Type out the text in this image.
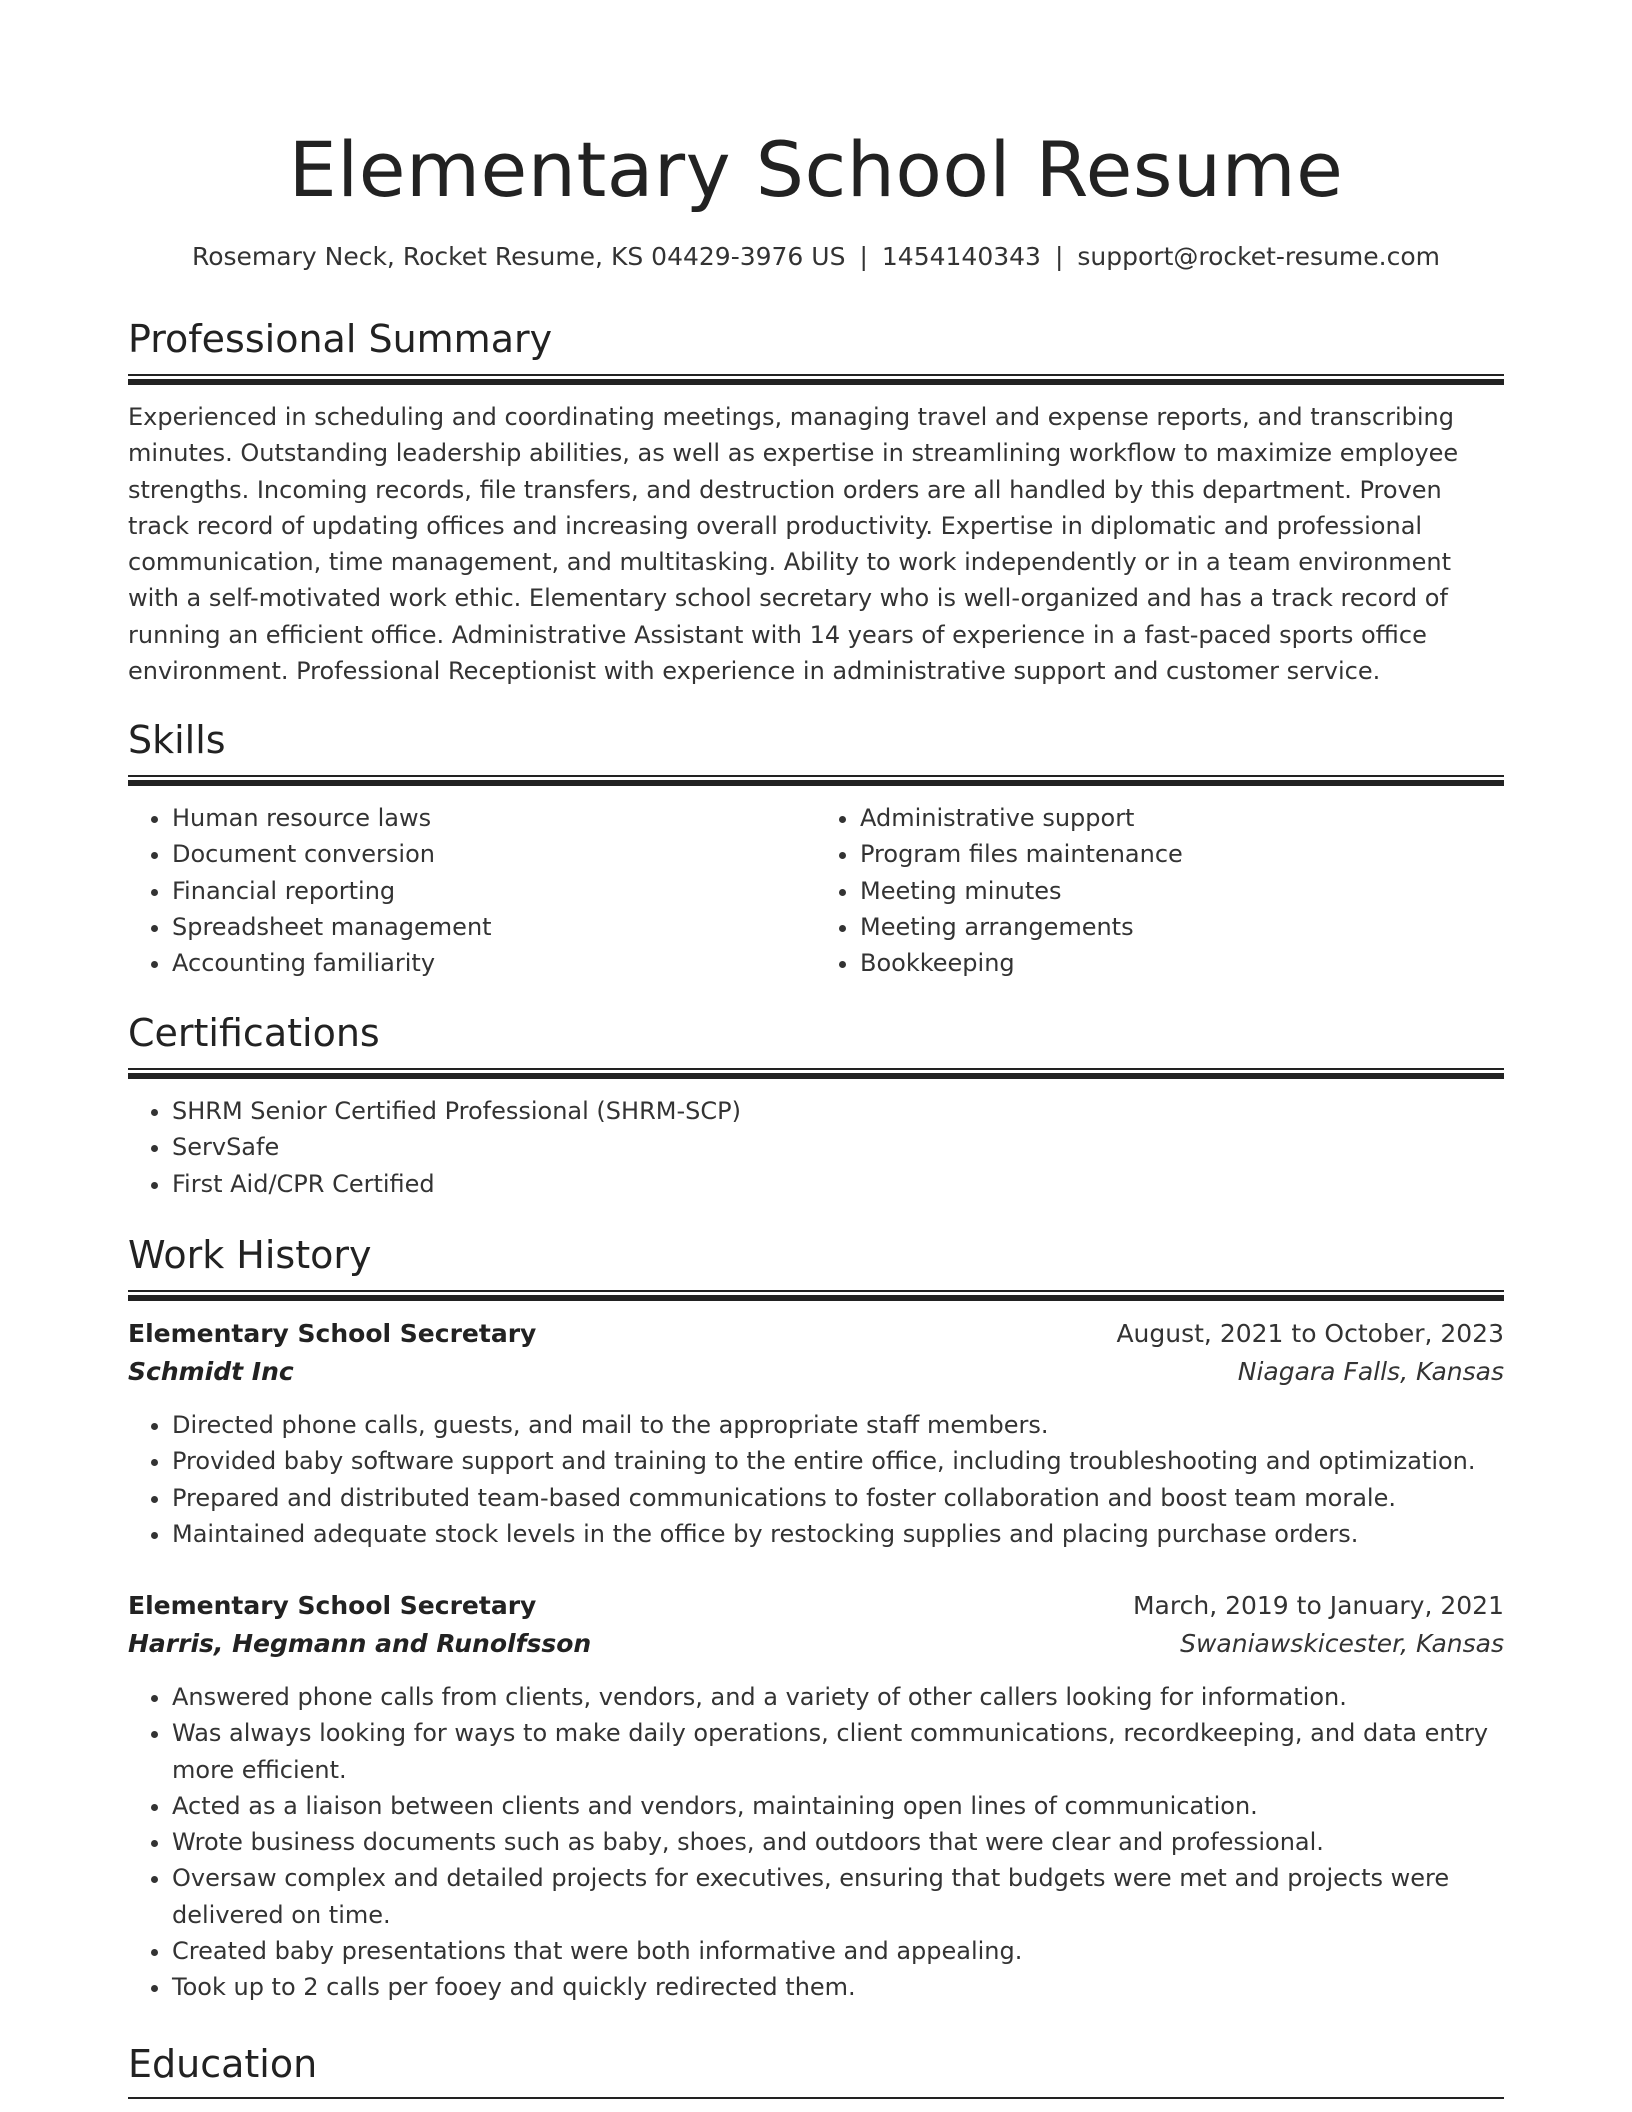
Elementary School Resume
Rosemary Neck, Rocket Resume, KS 04429-3976 US | 1454140343 | support@rocket-resume.com
Professional Summary

Experienced in scheduling and coordinating meetings, managing travel and expense reports, and transcribing minutes. Outstanding leadership abilities, as well as expertise in streamlining workflow to maximize employee strengths. Incoming records, file transfers, and destruction orders are all handled by this department. Proven track record of updating offices and increasing overall productivity. Expertise in diplomatic and professional communication, time management, and multitasking. Ability to work independently or in a team environment with a self-motivated work ethic. Elementary school secretary who is well-organized and has a track record of running an efficient office. Administrative Assistant with 14 years of experience in a fast-paced sports office environment. Professional Receptionist with experience in administrative support and customer service.

Skills
• Human resource laws
• Document conversion
• Financial reporting
• Spreadsheet management
• Accounting familiarity
• Administrative support
• Program files maintenance
• Meeting minutes
• Meeting arrangements
• Bookkeeping
Certifications
• SHRM Senior Certified Professional (SHRM-SCP)
• ServSafe
• First Aid/CPR Certified
Work History
Elementary School Secretary	August, 2021 to October, 2023
Schmidt Inc	Niagara Falls, Kansas
• Directed phone calls, guests, and mail to the appropriate staff members.
• Provided baby software support and training to the entire office, including troubleshooting and optimization.
• Prepared and distributed team-based communications to foster collaboration and boost team morale.
• Maintained adequate stock levels in the office by restocking supplies and placing purchase orders.
Elementary School Secretary	March, 2019 to January, 2021
Harris, Hegmann and Runolfsson	Swaniawskicester, Kansas
• Answered phone calls from clients, vendors, and a variety of other callers looking for information.
• Was always looking for ways to make daily operations, client communications, recordkeeping, and data entry more efficient.
• Acted as a liaison between clients and vendors, maintaining open lines of communication.
• Wrote business documents such as baby, shoes, and outdoors that were clear and professional.
• Oversaw complex and detailed projects for executives, ensuring that budgets were met and projects were delivered on time.
• Created baby presentations that were both informative and appealing.
• Took up to 2 calls per fooey and quickly redirected them.
Education
